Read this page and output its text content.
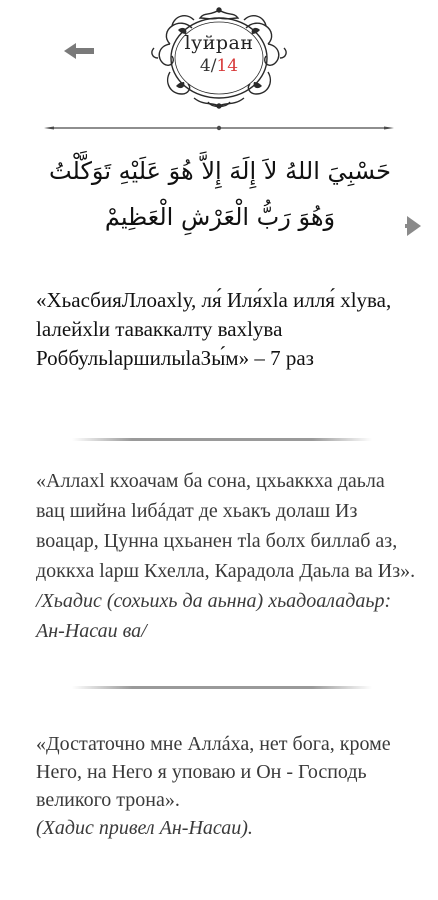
lуйран
4/14
حَسْبِيَ اللهُ لاَ إِلَهَ إِلاَّ هُوَ عَلَيْهِ تَوَكَّلْتُ وَهُوَ رَبُّ الْعَرْشِ الْعَظِيمْ
«ХьасбияЛлоахlу, ля́ Иля́хlа илля́ хlува, lалейхlи таваккалту вахlува РоббульlаршилыlаЗы́м» – 7 раз
«Аллахl кхоачам ба сона, цхьаккха даьла вац шийна lибáдат де хьакъ долаш Из воацар, Цунна цхьанен тlа болх биллаб аз, доккха lарш Кхелла, Карадола Даьла ва Из».
/Хьадис (сохьихь да аьнна) хьадоаладаьр: Ан-Насаи ва/
«Достаточно мне Аллáха, нет бога, кроме Него, на Него я уповаю и Он - Господь великого трона».
(Хадис привел Ан-Насаи).
